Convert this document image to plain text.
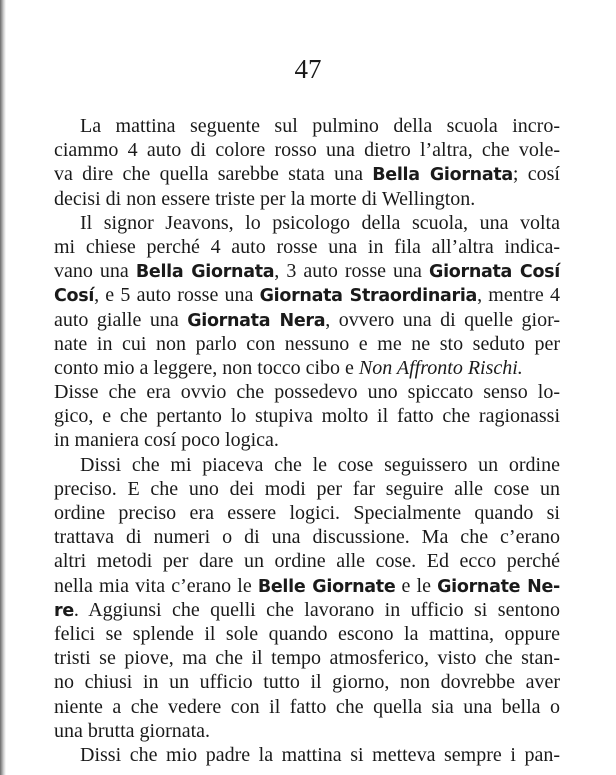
47
La mattina seguente sul pulmino della scuola incro-
ciammo 4 auto di colore rosso una dietro l’altra, che vole-
va dire che quella sarebbe stata una Bella Giornata; cosí
decisi di non essere triste per la morte di Wellington.
Il signor Jeavons, lo psicologo della scuola, una volta
mi chiese perché 4 auto rosse una in fila all’altra indica-
vano una Bella Giornata, 3 auto rosse una Giornata Cosí
Cosí, e 5 auto rosse una Giornata Straordinaria, mentre 4
auto gialle una Giornata Nera, ovvero una di quelle gior-
nate in cui non parlo con nessuno e me ne sto seduto per
conto mio a leggere, non tocco cibo e Non Affronto Rischi.
Disse che era ovvio che possedevo uno spiccato senso lo-
gico, e che pertanto lo stupiva molto il fatto che ragionassi
in maniera cosí poco logica.
Dissi che mi piaceva che le cose seguissero un ordine
preciso. E che uno dei modi per far seguire alle cose un
ordine preciso era essere logici. Specialmente quando si
trattava di numeri o di una discussione. Ma che c’erano
altri metodi per dare un ordine alle cose. Ed ecco perché
nella mia vita c’erano le Belle Giornate e le Giornate Ne-
re. Aggiunsi che quelli che lavorano in ufficio si sentono
felici se splende il sole quando escono la mattina, oppure
tristi se piove, ma che il tempo atmosferico, visto che stan-
no chiusi in un ufficio tutto il giorno, non dovrebbe aver
niente a che vedere con il fatto che quella sia una bella o
una brutta giornata.
Dissi che mio padre la mattina si metteva sempre i pan-
